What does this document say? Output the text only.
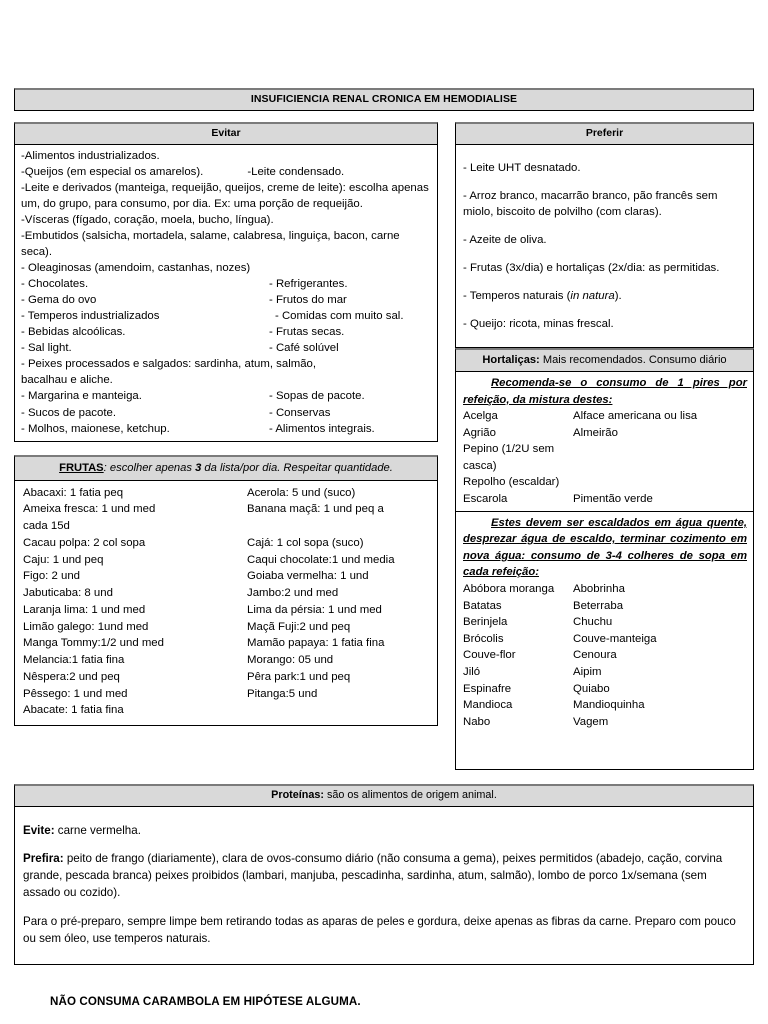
INSUFICIENCIA RENAL CRONICA EM HEMODIALISE
Evitar

-Alimentos industrializados.

-Queijos (em especial os amarelos).	-Leite condensado.

-Leite e derivados (manteiga, requeijão, queijos, creme de leite): escolha apenas um, do grupo, para consumo, por dia. Ex: uma porção de requeijão.

-Vísceras (fígado, coração, moela, bucho, língua).

-Embutidos (salsicha, mortadela, salame, calabresa, linguiça, bacon, carne seca).

- Oleaginosas (amendoim, castanhas, nozes)

- Chocolates.	- Refrigerantes.
- Gema do ovo	- Frutos do mar
- Temperos industrializados	- Comidas com muito sal.
- Bebidas alcoólicas.	- Frutas secas.
- Sal light.	- Café solúvel

- Peixes processados e salgados: sardinha, atum, salmão,

bacalhau e aliche.

- Margarina e manteiga.	- Sopas de pacote.
- Sucos de pacote.	- Conservas
- Molhos, maionese, ketchup.	- Alimentos integrais.
FRUTAS: escolher apenas 3 da lista/por dia. Respeitar quantidade.
Abacaxi: 1 fatia peq	Acerola: 5 und (suco)
Ameixa fresca: 1 und med	Banana maçã: 1 und peq a
cada 15d
Cacau polpa: 2 col sopa	Cajá: 1 col sopa (suco)
Caju: 1 und peq	Caqui chocolate:1 und media
Figo: 2 und	Goiaba vermelha: 1 und
Jabuticaba: 8 und	Jambo:2 und med
Laranja lima: 1 und med	Lima da pérsia: 1 und med
Limão galego: 1und med	Maçã Fuji:2 und peq
Manga Tommy:1/2 und med	Mamão papaya: 1 fatia fina
Melancia:1 fatia fina	Morango: 05 und
Nêspera:2 und peq	Pêra park:1 und peq
Pêssego: 1 und med	Pitanga:5 und
Abacate: 1 fatia fina
Preferir

- Leite UHT desnatado.

- Arroz branco, macarrão branco, pão francês sem miolo, biscoito de polvilho (com claras).

- Azeite de oliva.

- Frutas (3x/dia) e hortaliças (2x/dia: as permitidas.

- Temperos naturais (in natura).

- Queijo: ricota, minas frescal.

Hortaliças: Mais recomendados. Consumo diário
Recomenda-se o consumo de 1 pires por refeição, da mistura destes:
Acelga	Alface americana ou lisa
Agrião	Almeirão
Pepino (1/2U sem casca)
Repolho (escaldar)
Escarola	Pimentão verde
Estes devem ser escaldados em água quente, desprezar água de escaldo, terminar cozimento em nova água: consumo de 3-4 colheres de sopa em cada refeição:
Abóbora moranga	Abobrinha
Batatas	Beterraba
Berinjela	Chuchu
Brócolis	Couve-manteiga
Couve-flor	Cenoura
Jiló	Aipim
Espinafre	Quiabo
Mandioca	Mandioquinha
Nabo	Vagem
Proteínas: são os alimentos de origem animal.

Evite: carne vermelha.

Prefira: peito de frango (diariamente), clara de ovos-consumo diário (não consuma a gema), peixes permitidos (abadejo, cação, corvina grande, pescada branca) peixes proibidos (lambari, manjuba, pescadinha, sardinha, atum, salmão), lombo de porco 1x/semana (sem assado ou cozido).

Para o pré-preparo, sempre limpe bem retirando todas as aparas de peles e gordura, deixe apenas as fibras da carne. Preparo com pouco ou sem óleo, use temperos naturais.

NÃO CONSUMA CARAMBOLA EM HIPÓTESE ALGUMA.
